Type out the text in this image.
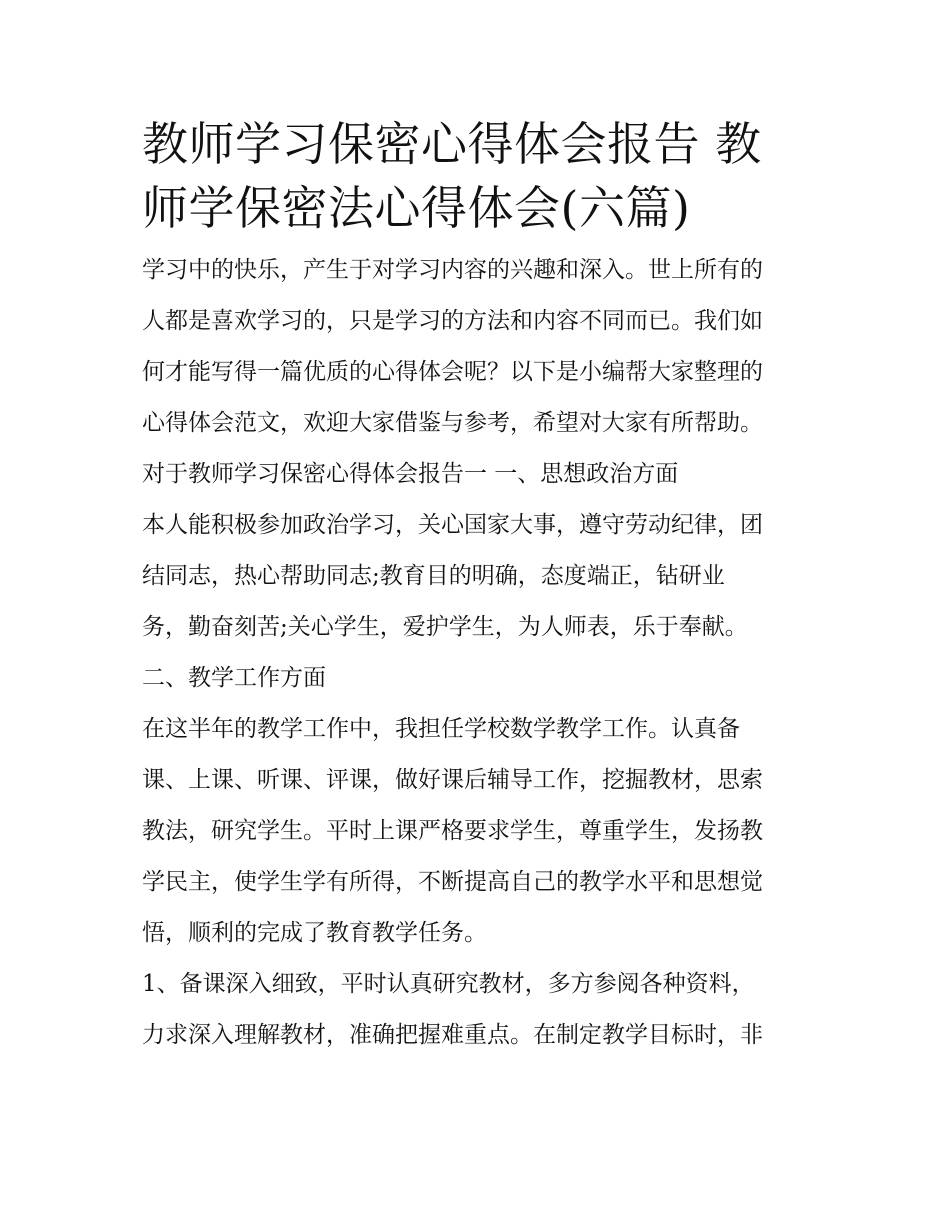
教师学习保密心得体会报告 教
师学保密法心得体会(六篇)
学习中的快乐，产生于对学习内容的兴趣和深入。世上所有的
人都是喜欢学习的，只是学习的方法和内容不同而已。我们如
何才能写得一篇优质的心得体会呢？以下是小编帮大家整理的
心得体会范文，欢迎大家借鉴与参考，希望对大家有所帮助。
对于教师学习保密心得体会报告一 一、思想政治方面
本人能积极参加政治学习，关心国家大事，遵守劳动纪律，团
结同志，热心帮助同志;教育目的明确，态度端正，钻研业
务，勤奋刻苦;关心学生，爱护学生，为人师表，乐于奉献。
二、教学工作方面
在这半年的教学工作中，我担任学校数学教学工作。认真备
课、上课、听课、评课，做好课后辅导工作，挖掘教材，思索
教法，研究学生。平时上课严格要求学生，尊重学生，发扬教
学民主，使学生学有所得，不断提高自己的教学水平和思想觉
悟，顺利的完成了教育教学任务。
1、备课深入细致，平时认真研究教材，多方参阅各种资料，
力求深入理解教材，准确把握难重点。在制定教学目标时，非
